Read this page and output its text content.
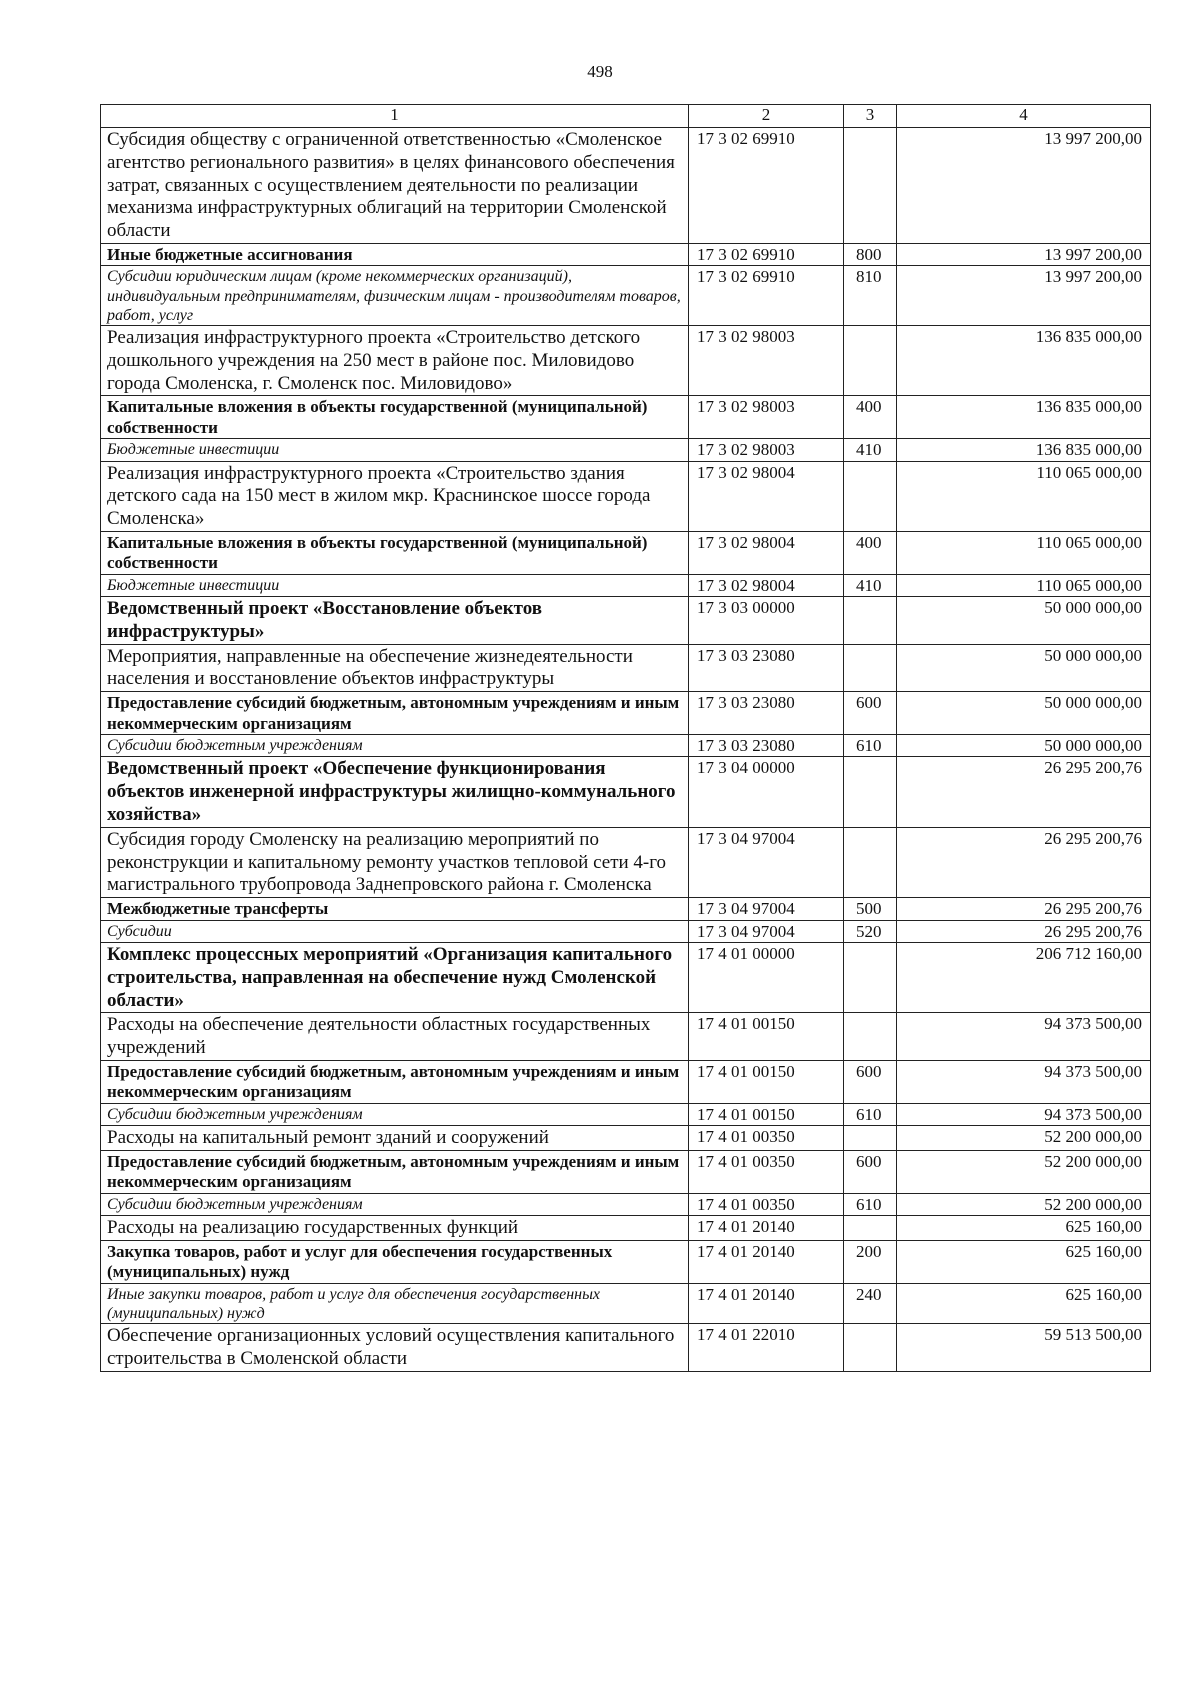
498
1	2	3	4
Субсидия обществу с ограниченной ответственностью «Смоленское агентство регионального развития» в целях финансового обеспечения затрат, связанных с осуществлением деятельности по реализации механизма инфраструктурных облигаций на территории Смоленской области	17 3 02 69910		13 997 200,00
Иные бюджетные ассигнования	17 3 02 69910	800	13 997 200,00
Субсидии юридическим лицам (кроме некоммерческих организаций), индивидуальным предпринимателям, физическим лицам - производителям товаров, работ, услуг	17 3 02 69910	810	13 997 200,00
Реализация инфраструктурного проекта «Строительство детского дошкольного учреждения на 250 мест в районе пос. Миловидово города Смоленска, г. Смоленск пос. Миловидово»	17 3 02 98003		136 835 000,00
Капитальные вложения в объекты государственной (муниципальной) собственности	17 3 02 98003	400	136 835 000,00
Бюджетные инвестиции	17 3 02 98003	410	136 835 000,00
Реализация инфраструктурного проекта «Строительство здания детского сада на 150 мест в жилом мкр. Краснинское шоссе города Смоленска»	17 3 02 98004		110 065 000,00
Капитальные вложения в объекты государственной (муниципальной) собственности	17 3 02 98004	400	110 065 000,00
Бюджетные инвестиции	17 3 02 98004	410	110 065 000,00
Ведомственный проект «Восстановление объектов инфраструктуры»	17 3 03 00000		50 000 000,00
Мероприятия, направленные на обеспечение жизнедеятельности населения и восстановление объектов инфраструктуры	17 3 03 23080		50 000 000,00
Предоставление субсидий бюджетным, автономным учреждениям и иным некоммерческим организациям	17 3 03 23080	600	50 000 000,00
Субсидии бюджетным учреждениям	17 3 03 23080	610	50 000 000,00
Ведомственный проект «Обеспечение функционирования объектов инженерной инфраструктуры жилищно-коммунального хозяйства»	17 3 04 00000		26 295 200,76
Субсидия городу Смоленску на реализацию мероприятий по реконструкции и капитальному ремонту участков тепловой сети 4-го магистрального трубопровода Заднепровского района г. Смоленска	17 3 04 97004		26 295 200,76
Межбюджетные трансферты	17 3 04 97004	500	26 295 200,76
Субсидии	17 3 04 97004	520	26 295 200,76
Комплекс процессных мероприятий «Организация капитального строительства, направленная на обеспечение нужд Смоленской области»	17 4 01 00000		206 712 160,00
Расходы на обеспечение деятельности областных государственных учреждений	17 4 01 00150		94 373 500,00
Предоставление субсидий бюджетным, автономным учреждениям и иным некоммерческим организациям	17 4 01 00150	600	94 373 500,00
Субсидии бюджетным учреждениям	17 4 01 00150	610	94 373 500,00
Расходы на капитальный ремонт зданий и сооружений	17 4 01 00350		52 200 000,00
Предоставление субсидий бюджетным, автономным учреждениям и иным некоммерческим организациям	17 4 01 00350	600	52 200 000,00
Субсидии бюджетным учреждениям	17 4 01 00350	610	52 200 000,00
Расходы на реализацию государственных функций	17 4 01 20140		625 160,00
Закупка товаров, работ и услуг для обеспечения государственных (муниципальных) нужд	17 4 01 20140	200	625 160,00
Иные закупки товаров, работ и услуг для обеспечения государственных (муниципальных) нужд	17 4 01 20140	240	625 160,00
Обеспечение организационных условий осуществления капитального строительства в Смоленской области	17 4 01 22010		59 513 500,00
